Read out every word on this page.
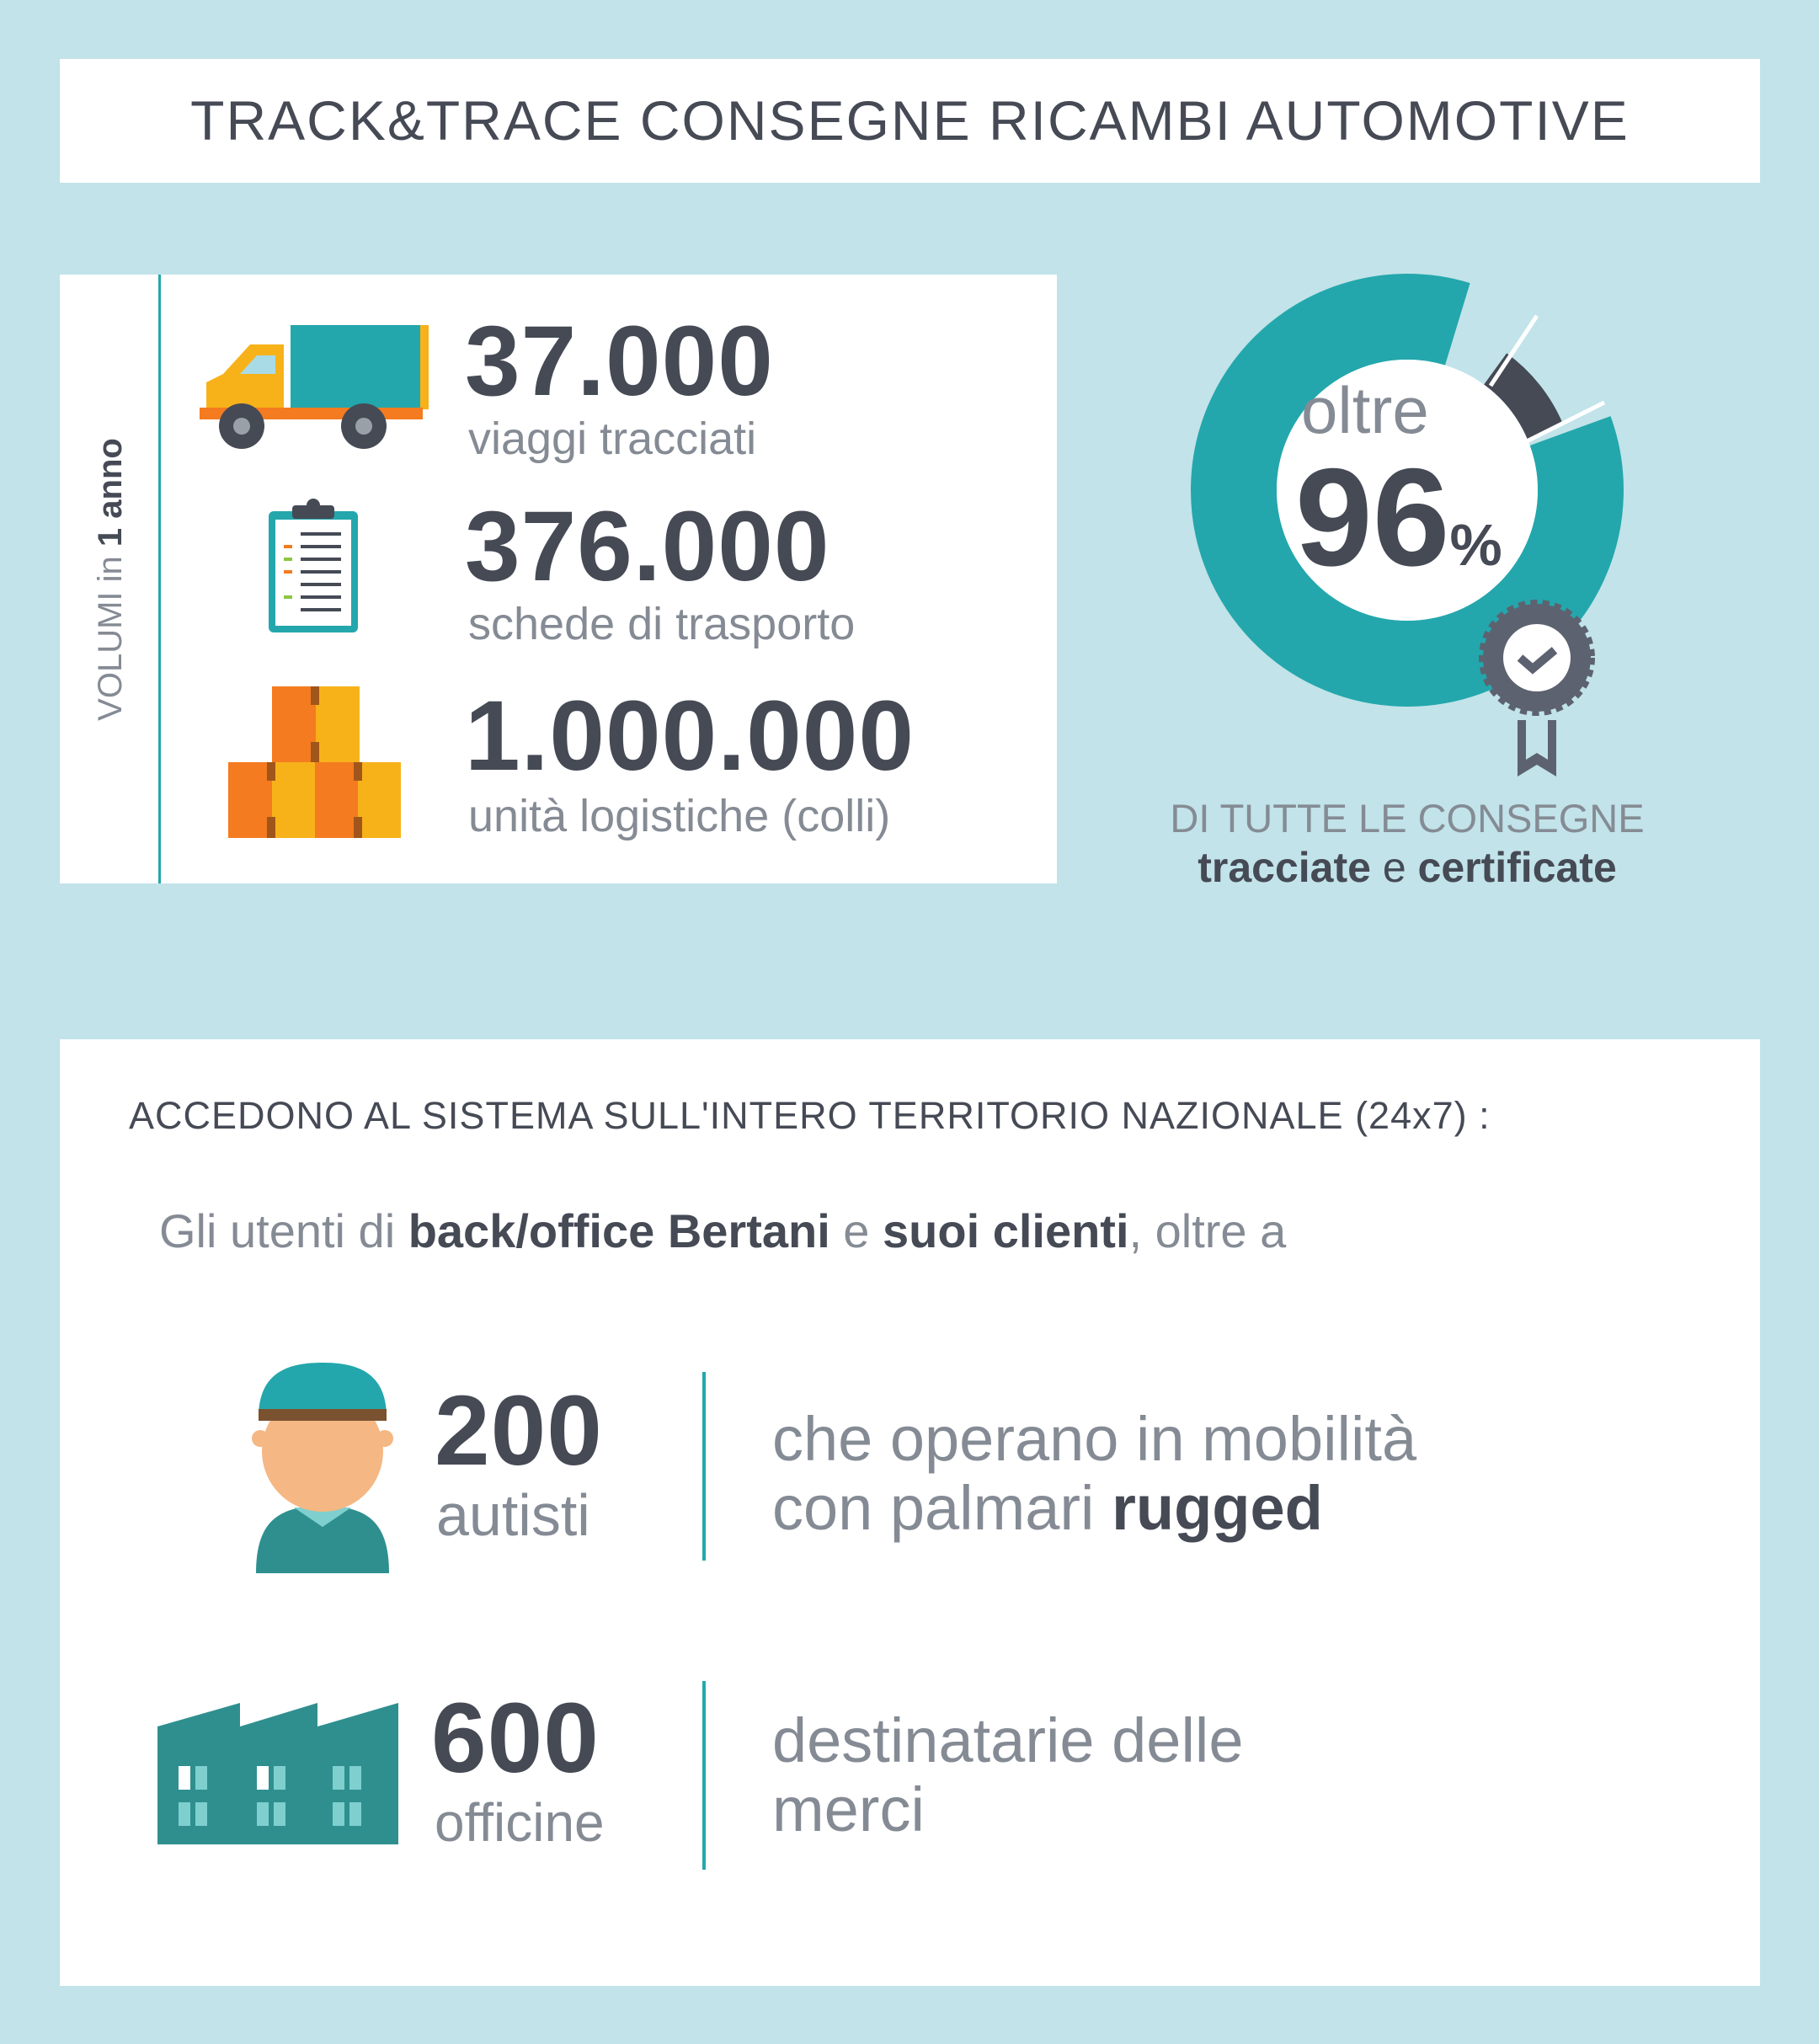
TRACK&TRACE CONSEGNE RICAMBI AUTOMOTIVE
VOLUMI in 1 anno
37.000
viaggi tracciati
376.000
schede di trasporto
1.000.000
unità logistiche (colli)
oltre
96%
DI TUTTE LE CONSEGNE
tracciate e certificate
ACCEDONO AL SISTEMA SULL'INTERO TERRITORIO NAZIONALE (24x7) :
Gli utenti di back/office Bertani e suoi clienti, oltre a
200
autisti
che operano in mobilità
con palmari rugged
600
officine
destinatarie delle
merci
